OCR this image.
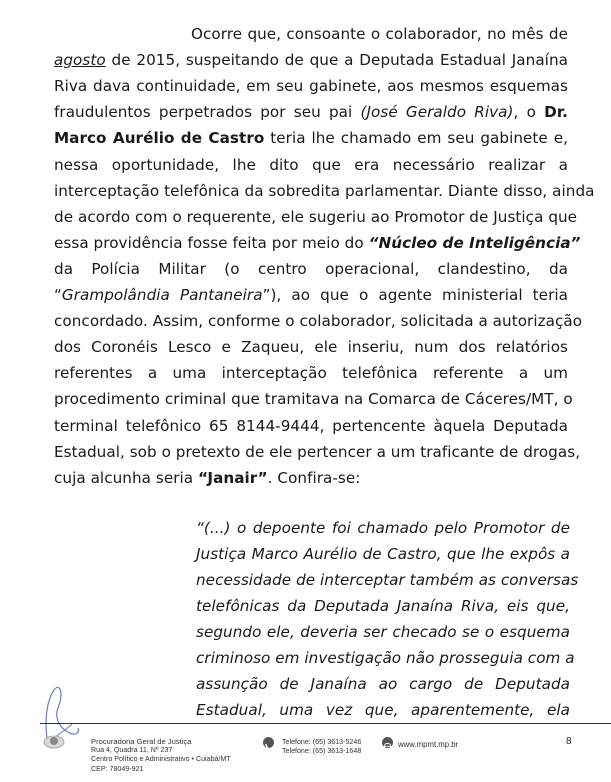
Ocorre que, consoante o colaborador, no mês de
agosto de 2015, suspeitando de que a Deputada Estadual Janaína
Riva dava continuidade, em seu gabinete, aos mesmos esquemas
fraudulentos perpetrados por seu pai (José Geraldo Riva), o Dr.
Marco Aurélio de Castro teria lhe chamado em seu gabinete e,
nessa oportunidade, lhe dito que era necessário realizar a
interceptação telefônica da sobredita parlamentar. Diante disso, ainda
de acordo com o requerente, ele sugeriu ao Promotor de Justiça que
essa providência fosse feita por meio do “Núcleo de Inteligência”
da Polícia Militar (o centro operacional, clandestino, da
“Grampolândia Pantaneira”), ao que o agente ministerial teria
concordado. Assim, conforme o colaborador, solicitada a autorização
dos Coronéis Lesco e Zaqueu, ele inseriu, num dos relatórios
referentes a uma interceptação telefônica referente a um
procedimento criminal que tramitava na Comarca de Cáceres/MT, o
terminal telefônico 65 8144-9444, pertencente àquela Deputada
Estadual, sob o pretexto de ele pertencer a um traficante de drogas,
cuja alcunha seria “Janair”. Confira-se:
“(...) o depoente foi chamado pelo Promotor de
Justiça Marco Aurélio de Castro, que lhe expôs a
necessidade de interceptar também as conversas
telefônicas da Deputada Janaína Riva, eis que,
segundo ele, deveria ser checado se o esquema
criminoso em investigação não prosseguia com a
assunção de Janaína ao cargo de Deputada
Estadual, uma vez que, aparentemente, ela
Procuradoria Geral de Justiça
Rua 4, Quadra 11, Nº 237
Centro Político e Administrativo • Cuiabá/MT
CEP: 78049-921
Telefone: (65) 3613-5246
Telefone: (65) 3613-1648
www.mpmt.mp.br	8
